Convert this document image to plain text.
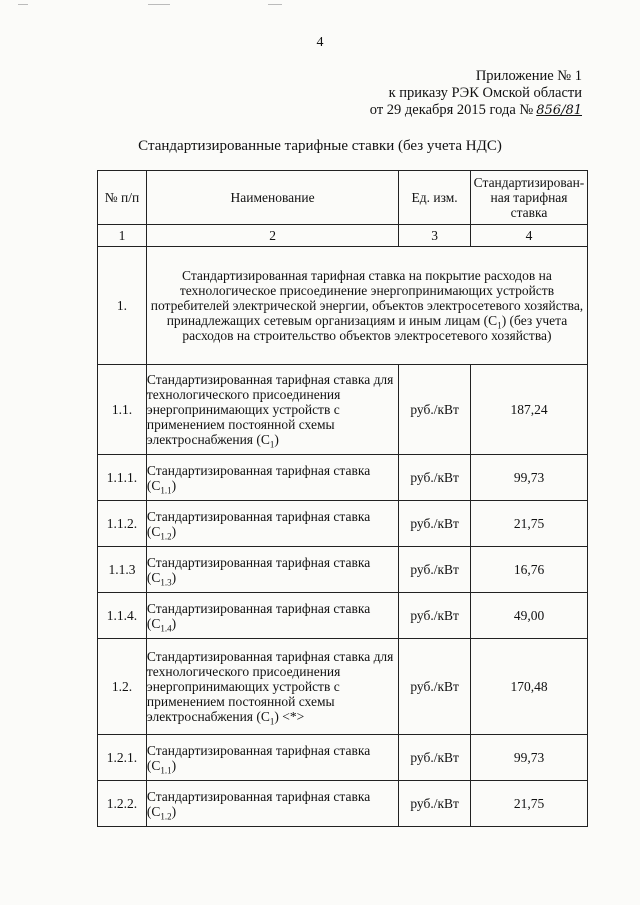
4
Приложение № 1
к приказу РЭК Омской области
от 29 декабря 2015 года № 856/81
Стандартизированные тарифные ставки (без учета НДС)
№ п/п	Наименование	Ед. изм.	Стандартизирован-ная тарифная ставка
1	2	3	4
1.	Стандартизированная тарифная ставка на покрытие расходов на технологическое присоединение энергопринимающих устройств потребителей электрической энергии, объектов электросетевого хозяйства, принадлежащих сетевым организациям и иным лицам $(С_1)$ (без учета расходов на строительство объектов электросетевого хозяйства)		
1.1.	Стандартизированная тарифная ставка для технологического присоединения энергопринимающих устройств с применением постоянной схемы электроснабжения $(С_1)$	руб./кВт	187,24
1.1.1.	Стандартизированная тарифная ставка $(С_{1.1})$	руб./кВт	99,73
1.1.2.	Стандартизированная тарифная ставка $(С_{1.2})$	руб./кВт	21,75
1.1.3	Стандартизированная тарифная ставка $(С_{1.3})$	руб./кВт	16,76
1.1.4.	Стандартизированная тарифная ставка $(С_{1.4})$	руб./кВт	49,00
1.2.	Стандартизированная тарифная ставка для технологического присоединения энергопринимающих устройств с применением постоянной схемы электроснабжения $(С_1)$ <*>	руб./кВт	170,48
1.2.1.	Стандартизированная тарифная ставка $(С_{1.1})$	руб./кВт	99,73
1.2.2.	Стандартизированная тарифная ставка $(С_{1.2})$	руб./кВт	21,75
